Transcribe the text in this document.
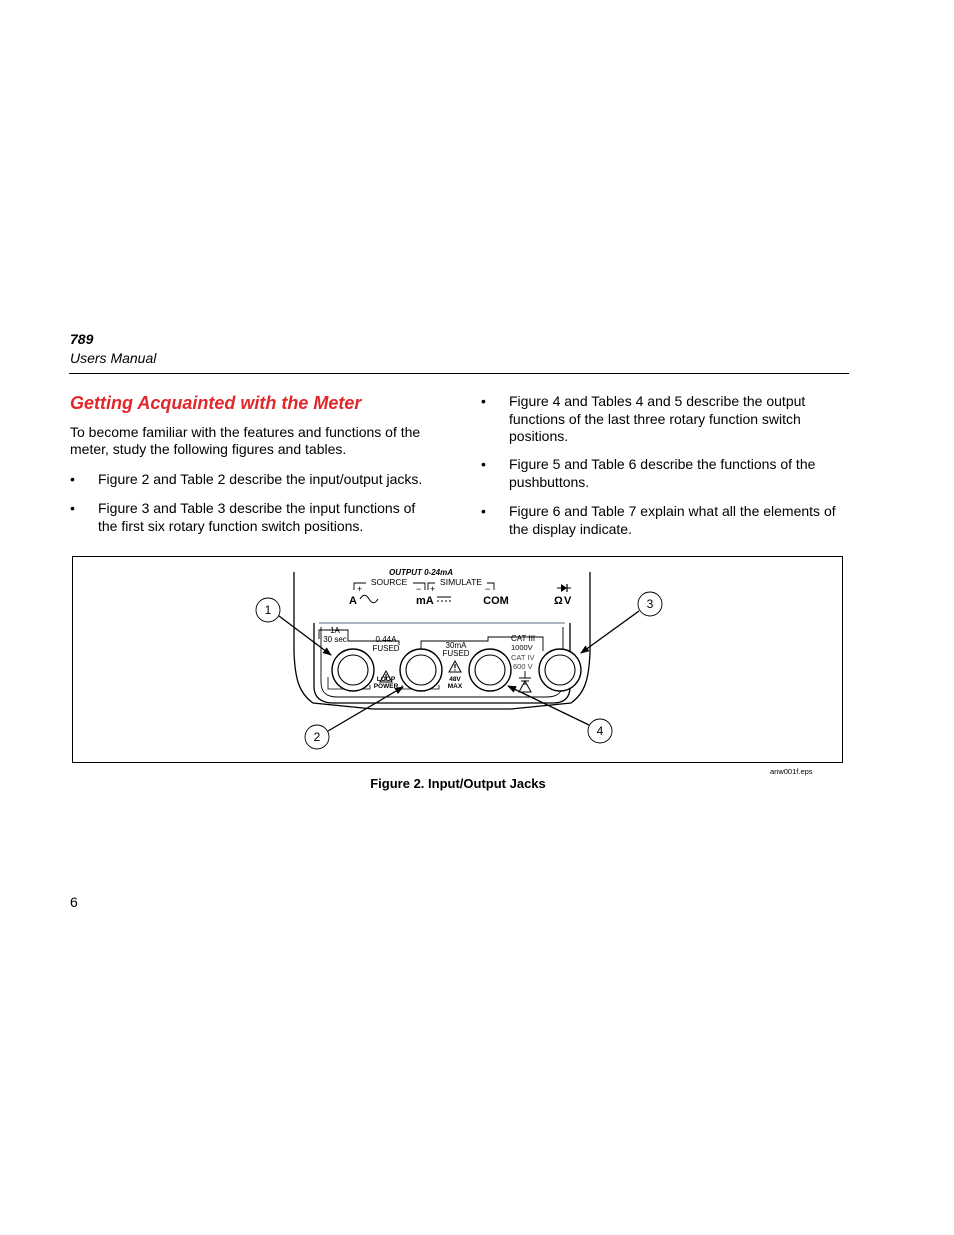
789
Users Manual
Getting Acquainted with the Meter
To become familiar with the features and functions of the
meter, study the following figures and tables.
• Figure 2 and Table 2 describe the input/output jacks.
• Figure 3 and Table 3 describe the input functions of
the first six rotary function switch positions.
• Figure 4 and Tables 4 and 5 describe the output
functions of the last three rotary function switch
positions.
• Figure 5 and Table 6 describe the functions of the
pushbuttons.
• Figure 6 and Table 7 explain what all the elements of
the display indicate.
OUTPUT 0-24mA
SOURCE
+	−
SIMULATE
+	−
A	mA	COM	Ω V
1A
30 sec	0.44A
FUSED	30mA
FUSED
CAT III
1000V
CAT IV
600 V
LOOP
POWER
48V
MAX
1	3
2	4
anw001f.eps
Figure 2. Input/Output Jacks
6
